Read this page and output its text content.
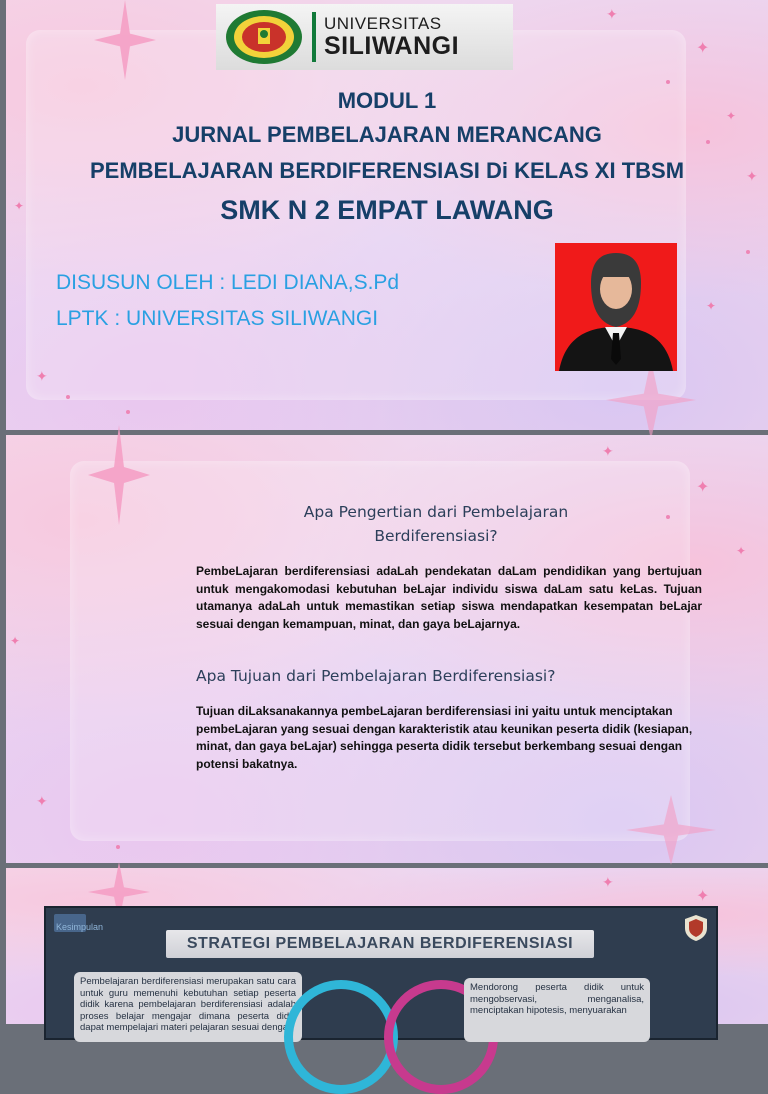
✦
✦
✦
✦
✦
✦
✦
UNIVERSITAS
SILIWANGI
MODUL 1
JURNAL PEMBELAJARAN MERANCANG
PEMBELAJARAN BERDIFERENSIASI Di KELAS XI TBSM
SMK N 2 EMPAT LAWANG
DISUSUN OLEH : LEDI DIANA,S.Pd
LPTK : UNIVERSITAS SILIWANGI
✦
✦
✦
✦
✦
Apa Pengertian dari Pembelajaran
Berdiferensiasi?
PembeLajaran berdiferensiasi adaLah pendekatan daLam pendidikan yang bertujuan untuk mengakomodasi kebutuhan beLajar individu siswa daLam satu keLas. Tujuan utamanya adaLah untuk memastikan setiap siswa mendapatkan kesempatan beLajar sesuai dengan kemampuan, minat, dan gaya beLajarnya.
Apa Tujuan dari Pembelajaran Berdiferensiasi?
Tujuan diLaksanakannya pembeLajaran berdiferensiasi ini yaitu untuk menciptakan pembeLajaran yang sesuai dengan karakteristik atau keunikan peserta didik (kesiapan, minat, dan gaya beLajar) sehingga peserta didik tersebut berkembang sesuai dengan potensi bakatnya.
✦
✦
Kesimpulan
STRATEGI PEMBELAJARAN BERDIFERENSIASI
Pembelajaran berdiferensiasi merupakan satu cara untuk guru memenuhi kebutuhan setiap peserta didik karena pembelajaran berdiferensiasi adalah proses belajar mengajar dimana peserta didik dapat mempelajari materi pelajaran sesuai dengan
Mendorong peserta didik untuk mengobservasi, menganalisa, menciptakan hipotesis, menyuarakan
